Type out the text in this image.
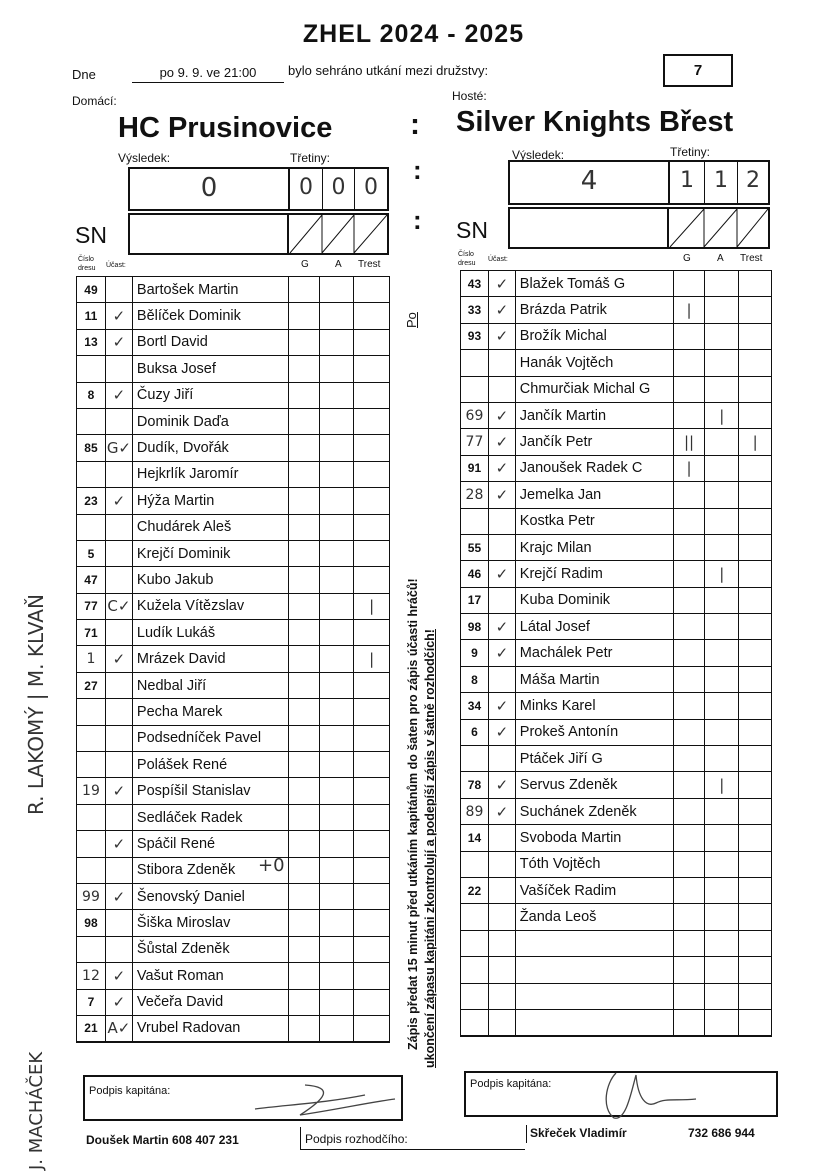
ZHEL 2024 - 2025
Dne	po 9. 9. ve 21:00	bylo sehráno utkání mezi družstvy:	7
Domácí:	Hosté:
HC Prusinovice	: Silver Knights Břest
Výsledek:	Třetiny:
0	0 0 0
:	Výsledek:	Třetiny:
4	1 1 2
SN	: SN
Číslo dresu	Účast:	G	A Trest
Číslo dresu
Účast:	G	A Trest
49		Bartošek Martin			
11	✓	Bělíček Dominik			
13	✓	Bortl David			
		Buksa Josef			
8	✓	Čuzy Jiří			
		Dominik Daďa			
85	G✓	Dudík, Dvořák			
		Hejkrlík Jaromír			
23	✓	Hýža Martin			
		Chudárek Aleš			
5		Krejčí Dominik			
47		Kubo Jakub			
77	C✓	Kužela Vítězslav			|
71		Ludík Lukáš			
1	✓	Mrázek David			|
27		Nedbal Jiří			
		Pecha Marek			
		Podsedníček Pavel			
		Polášek René			
19	✓	Pospíšil Stanislav			
		Sedláček Radek			
	✓	Spáčil René			
		Stibora Zdeněk			
99	✓	Šenovský Daniel			
98		Šiška Miroslav			
		Šůstal Zdeněk			
12	✓	Vašut Roman			
7	✓	Večeřa David			
21	A✓	Vrubel Radovan			
43	✓	Blažek Tomáš G			
33	✓	Brázda Patrik	|		
93	✓	Brožík Michal			
		Hanák Vojtěch			
		Chmurčiak Michal G			
69	✓	Jančík Martin		|	
77	✓	Jančík Petr	||		|
91	✓	Janoušek Radek C	|		
28	✓	Jemelka Jan			
		Kostka Petr			
55		Krajc Milan			
46	✓	Krejčí Radim		|	
17		Kuba Dominik			
98	✓	Látal Josef			
9	✓	Machálek Petr			
8		Máša Martin			
34	✓	Minks Karel			
6	✓	Prokeš Antonín			
		Ptáček Jiří G			
78	✓	Servus Zdeněk		|	
89	✓	Suchánek Zdeněk			
14		Svoboda Martin			
		Tóth Vojtěch			
22		Vašíček Radim			
		Žanda Leoš			

+0
Po
Zápis předat 15 minut před utkáním kapitánům do šaten pro zápis účasti hráčů! ukončení zápasu kapitáni zkontrolují a podepíší zápis v šatně rozhodčích!
R. LAKOMÝ | M. KLVAŇ
J. MACHÁČEK	Podpis kapitána:
Podpis kapitána:
Doušek Martin 608 407 231	Podpis rozhodčího:	Skřeček Vladimír	732 686 944
